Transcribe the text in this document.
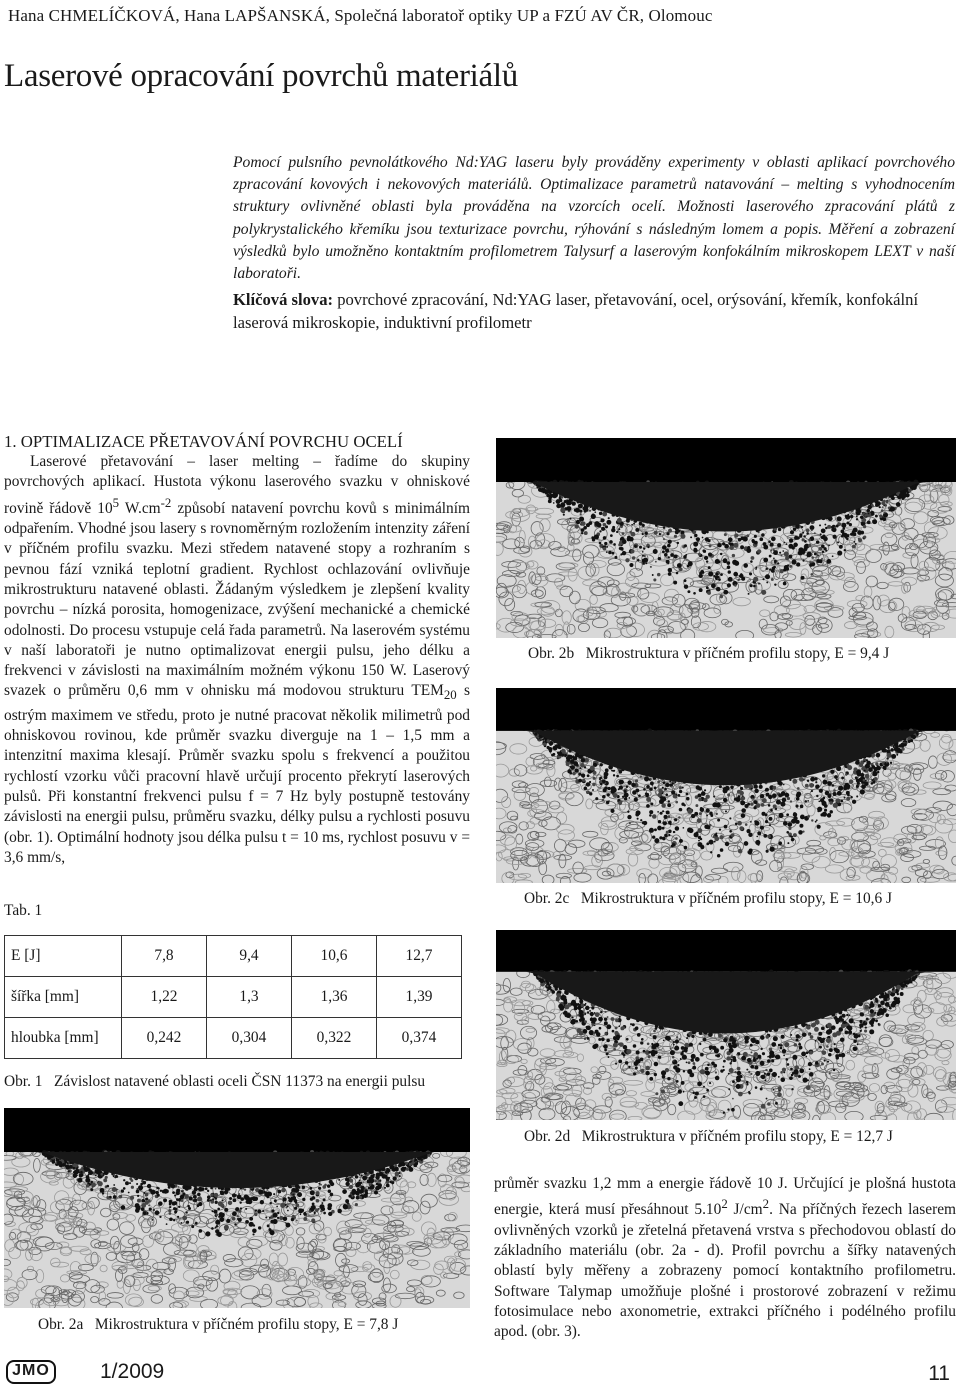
Hana CHMELÍČKOVÁ, Hana LAPŠANSKÁ, Společná laboratoř optiky UP a FZÚ AV ČR, Olomouc
Laserové opracování povrchů materiálů
Pomocí pulsního pevnolátkového Nd:YAG laseru byly prováděny experimenty v oblasti aplikací povrchového zpracování kovových i nekovových materiálů. Optimalizace parametrů natavování – melting s vyhodnocením struktury ovlivněné oblasti byla prováděna na vzorcích ocelí. Možnosti laserového zpracování plátů z polykrystalického křemíku jsou texturizace povrchu, rýhování s následným lomem a popis. Měření a zobrazení výsledků bylo umožněno kontaktním profilometrem Talysurf a laserovým konfokálním mikroskopem LEXT v naší laboratoři.
Klíčová slova: povrchové zpracování, Nd:YAG laser, přetavování, ocel, orýsování, křemík, konfokální laserová mikroskopie, induktivní profilometr
1. OPTIMALIZACE PŘETAVOVÁNÍ POVRCHU OCELÍ
Laserové přetavování – laser melting – řadíme do skupiny povrchových aplikací. Hustota výkonu laserového svazku v ohniskové rovině řádově $10^5$ $W.cm^{-2}$ způsobí natavení povrchu kovů s minimálním odpařením. Vhodné jsou lasery s rovnoměrným rozložením intenzity záření v příčném profilu svazku. Mezi středem natavené stopy a rozhraním s pevnou fází vzniká teplotní gradient. Rychlost ochlazování ovlivňuje mikrostrukturu natavené oblasti. Žádaným výsledkem je zlepšení kvality povrchu – nízká porosita, homogenizace, zvýšení mechanické a chemické odolnosti. Do procesu vstupuje celá řada parametrů. Na laserovém systému v naší laboratoři je nutno optimalizovat energii pulsu, jeho délku a frekvenci v závislosti na maximálním možném výkonu 150 W. Laserový svazek o průměru 0,6 mm v ohnisku má modovou strukturu $TEM_{20}$ s ostrým maximem ve středu, proto je nutné pracovat několik milimetrů pod ohniskovou rovinou, kde průměr svazku diverguje na 1 – 1,5 mm a intenzitní maxima klesají. Průměr svazku spolu s frekvencí a použitou rychlostí vzorku vůči pracovní hlavě určují procento překrytí laserových pulsů. Při konstantní frekvenci pulsu f = 7 Hz byly postupně testovány závislosti na energii pulsu, průměru svazku, délky pulsu a rychlosti posuvu (obr. 1). Optimální hodnoty jsou délka pulsu t = 10 ms, rychlost posuvu v = 3,6 mm/s,
Tab. 1
E [J]	7,8	9,4	10,6	12,7
šířka [mm]	1,22	1,3	1,36	1,39
hloubka [mm]	0,242	0,304	0,322	0,374
Obr. 1 Závislost natavené oblasti oceli ČSN 11373 na energii pulsu
Obr. 2b Mikrostruktura v příčném profilu stopy, E = 9,4 J
Obr. 2c Mikrostruktura v příčném profilu stopy, E = 10,6 J
Obr. 2d Mikrostruktura v příčném profilu stopy, E = 12,7 J
Obr. 2a Mikrostruktura v příčném profilu stopy, E = 7,8 J
průměr svazku 1,2 mm a energie řádově 10 J. Určující je plošná hustota energie, která musí přesáhnout 5.10$^2$ $J/cm^2$. Na příčných řezech laserem ovlivněných vzorků je zřetelná přetavená vrstva s přechodovou oblastí do základního materiálu (obr. 2a - d). Profil povrchu a šířky natavených oblastí byly měřeny a zobrazeny pomocí kontaktního profilometru. Software Talymap umožňuje plošné i prostorové zobrazení v režimu fotosimulace nebo axonometrie, extrakci příčného i podélného profilu apod. (obr. 3).
JMO 1/2009	11
